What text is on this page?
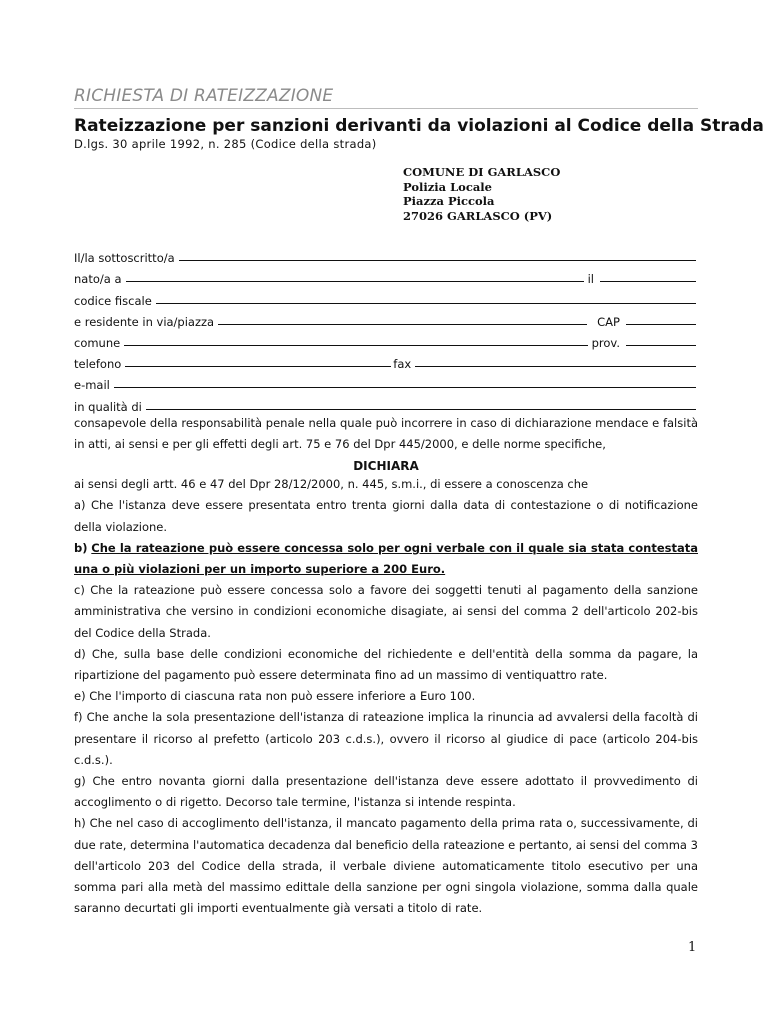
RICHIESTA DI RATEIZZAZIONE
Rateizzazione per sanzioni derivanti da violazioni al Codice della Strada
D.lgs. 30 aprile 1992, n. 285 (Codice della strada)
COMUNE DI GARLASCO
Polizia Locale
Piazza Piccola
27026 GARLASCO (PV)
Il/la sottoscritto/a
nato/a a	il
codice fiscale
e residente in via/piazza	CAP
comune	prov.
telefono	fax
e-mail
in qualità di
consapevole della responsabilità penale nella quale può incorrere in caso di dichiarazione mendace e falsità in atti, ai sensi e per gli effetti degli art. 75 e 76 del Dpr 445/2000, e delle norme specifiche,
DICHIARA
ai sensi degli artt. 46 e 47 del Dpr 28/12/2000, n. 445, s.m.i., di essere a conoscenza che
a) Che l'istanza deve essere presentata entro trenta giorni dalla data di contestazione o di notificazione della violazione.
b) Che la rateazione può essere concessa solo per ogni verbale con il quale sia stata contestata una o più violazioni per un importo superiore a 200 Euro.
c) Che la rateazione può essere concessa solo a favore dei soggetti tenuti al pagamento della sanzione amministrativa che versino in condizioni economiche disagiate, ai sensi del comma 2 dell'articolo 202-bis del Codice della Strada.
d) Che, sulla base delle condizioni economiche del richiedente e dell'entità della somma da pagare, la ripartizione del pagamento può essere determinata fino ad un massimo di ventiquattro rate.
e) Che l'importo di ciascuna rata non può essere inferiore a Euro 100.
f) Che anche la sola presentazione dell'istanza di rateazione implica la rinuncia ad avvalersi della facoltà di presentare il ricorso al prefetto (articolo 203 c.d.s.), ovvero il ricorso al giudice di pace (articolo 204-bis c.d.s.).
g) Che entro novanta giorni dalla presentazione dell'istanza deve essere adottato il provvedimento di accoglimento o di rigetto. Decorso tale termine, l'istanza si intende respinta.
h) Che nel caso di accoglimento dell'istanza, il mancato pagamento della prima rata o, successivamente, di due rate, determina l'automatica decadenza dal beneficio della rateazione e pertanto, ai sensi del comma 3 dell'articolo 203 del Codice della strada, il verbale diviene automaticamente titolo esecutivo per una somma pari alla metà del massimo edittale della sanzione per ogni singola violazione, somma dalla quale saranno decurtati gli importi eventualmente già versati a titolo di rate.
1
